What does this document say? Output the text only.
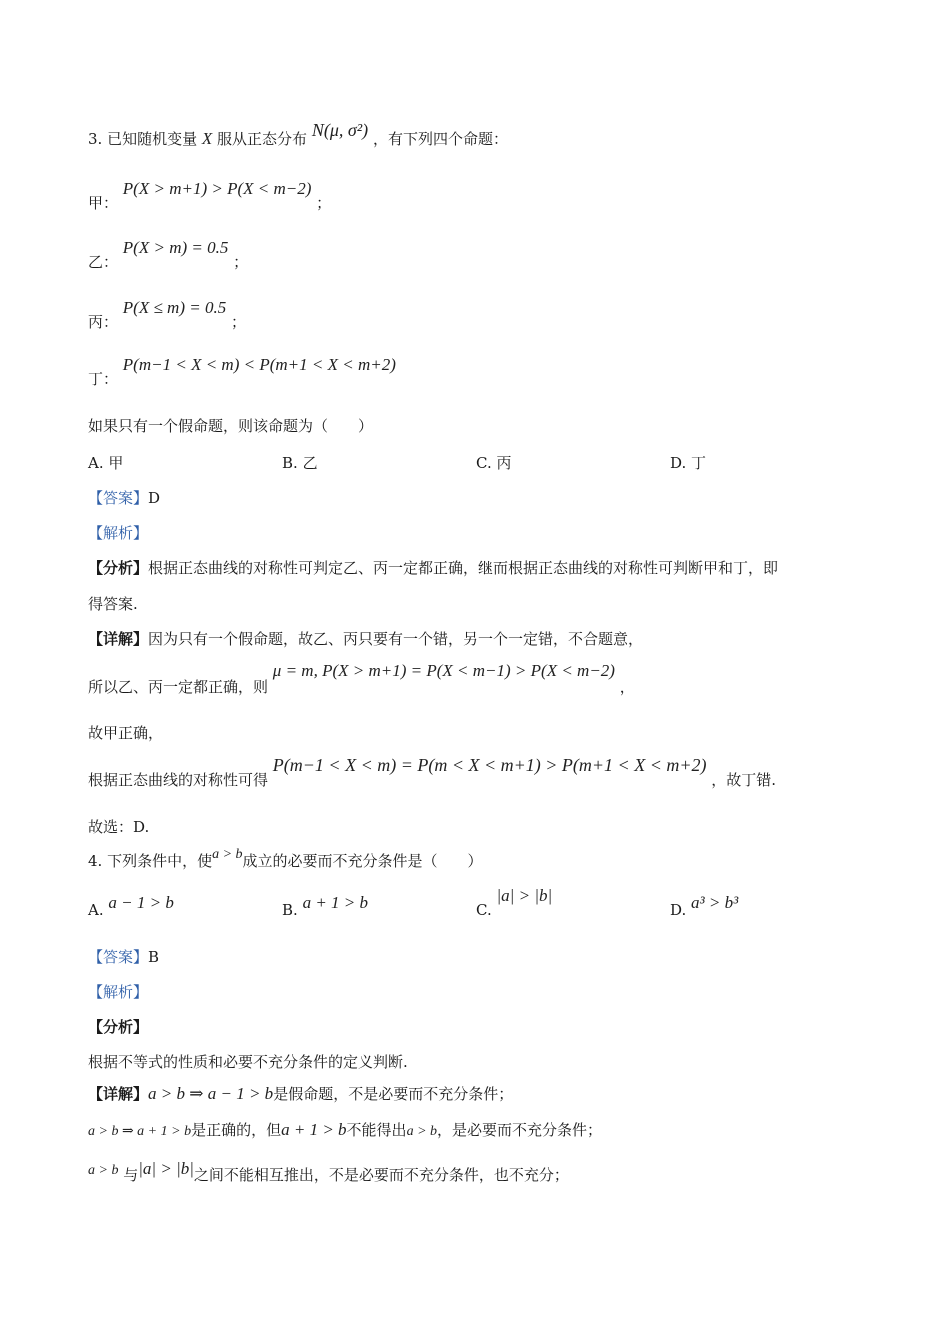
3. 已知随机变量 X 服从正态分布 N(μ, σ²) ，有下列四个命题：
甲： P(X > m+1) > P(X < m−2) ；
乙： P(X > m) = 0.5 ；
丙： P(X ≤ m) = 0.5 ；
丁： P(m−1 < X < m) < P(m+1 < X < m+2)
如果只有一个假命题，则该命题为（　　）
A. 甲	B. 乙	C. 丙	D. 丁
【答案】D
【解析】
【分析】根据正态曲线的对称性可判定乙、丙一定都正确，继而根据正态曲线的对称性可判断甲和丁，即
得答案.
【详解】因为只有一个假命题，故乙、丙只要有一个错，另一个一定错，不合题意，
所以乙、丙一定都正确，则 μ = m, P(X > m+1) = P(X < m−1) > P(X < m−2) ，
故甲正确，
根据正态曲线的对称性可得 P(m−1 < X < m) = P(m < X < m+1) > P(m+1 < X < m+2) ，故丁错.
故选：D.
4. 下列条件中，使a > b成立的必要而不充分条件是（　　）
A. a − 1 > b	B. a + 1 > b	C. |a| > |b|
D. a³ > b³
【答案】B
【解析】
【分析】
根据不等式的性质和必要不充分条件的定义判断.
【详解】a > b ⇒ a − 1 > b是假命题，不是必要而不充分条件；
a > b ⇒ a + 1 > b是正确的，但a + 1 > b不能得出a > b，是必要而不充分条件；
a > b 与|a| > |b|之间不能相互推出，不是必要而不充分条件，也不充分；
